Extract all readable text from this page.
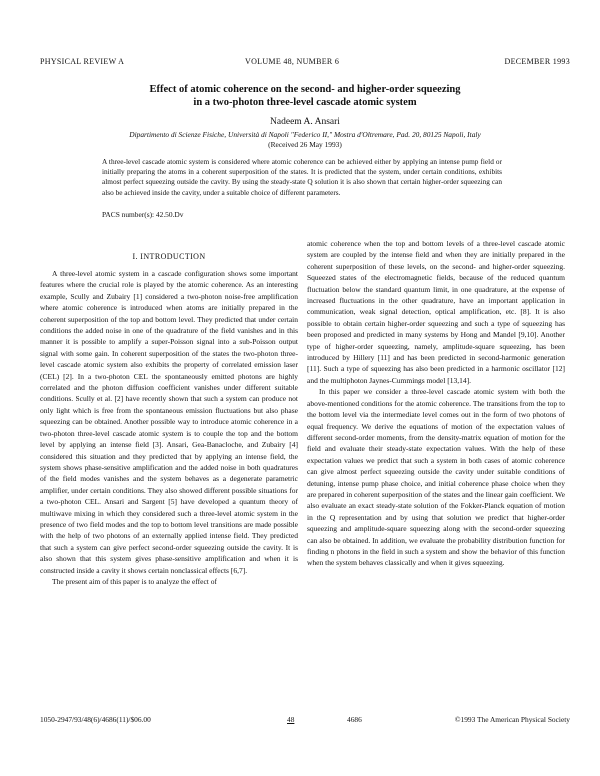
PHYSICAL REVIEW A	VOLUME 48, NUMBER 6	DECEMBER 1993
Effect of atomic coherence on the second- and higher-order squeezing
in a two-photon three-level cascade atomic system
Nadeem A. Ansari
Dipartimento di Scienze Fisiche, Università di Napoli "Federico II," Mostra d'Oltremare, Pad. 20, 80125 Napoli, Italy
(Received 26 May 1993)
A three-level cascade atomic system is considered where atomic coherence can be achieved either by applying an intense pump field or initially preparing the atoms in a coherent superposition of the states. It is predicted that the system, under certain conditions, exhibits almost perfect squeezing outside the cavity. By using the steady-state Q solution it is also shown that certain higher-order squeezing can also be achieved inside the cavity, under a suitable choice of different parameters.
PACS number(s): 42.50.Dv
I. INTRODUCTION

A three-level atomic system in a cascade configuration shows some important features where the crucial role is played by the atomic coherence. As an interesting example, Scully and Zubairy [1] considered a two-photon noise-free amplification where atomic coherence is introduced when atoms are initially prepared in the coherent superposition of the top and bottom level. They predicted that under certain conditions the added noise in one of the quadrature of the field vanishes and in this manner it is possible to amplify a super-Poisson signal into a sub-Poisson output signal with some gain. In coherent superposition of the states the two-photon three-level cascade atomic system also exhibits the property of correlated emission laser (CEL) [2]. In a two-photon CEL the spontaneously emitted photons are highly correlated and the photon diffusion coefficient vanishes under different suitable conditions. Scully et al. [2] have recently shown that such a system can produce not only light which is free from the spontaneous emission fluctuations but also phase squeezing can be obtained. Another possible way to introduce atomic coherence in a two-photon three-level cascade atomic system is to couple the top and the bottom level by applying an intense field [3]. Ansari, Gea-Banacloche, and Zubairy [4] considered this situation and they predicted that by applying an intense field, the system shows phase-sensitive amplification and the added noise in both quadratures of the field modes vanishes and the system behaves as a degenerate parametric amplifier, under certain conditions. They also showed different possible situations for a two-photon CEL. Ansari and Sargent [5] have developed a quantum theory of multiwave mixing in which they considered such a three-level atomic system in the presence of two field modes and the top to bottom level transitions are made possible with the help of two photons of an externally applied intense field. They predicted that such a system can give perfect second-order squeezing outside the cavity. It is also shown that this system gives phase-sensitive amplification and when it is constructed inside a cavity it shows certain nonclassical effects [6,7].

The present aim of this paper is to analyze the effect of

atomic coherence when the top and bottom levels of a three-level cascade atomic system are coupled by the intense field and when they are initially prepared in the coherent superposition of these levels, on the second- and higher-order squeezing. Squeezed states of the electromagnetic fields, because of the reduced quantum fluctuation below the standard quantum limit, in one quadrature, at the expense of increased fluctuations in the other quadrature, have an important application in communication, weak signal detection, optical amplification, etc. [8]. It is also possible to obtain certain higher-order squeezing and such a type of squeezing has been proposed and predicted in many systems by Hong and Mandel [9,10]. Another type of higher-order squeezing, namely, amplitude-square squeezing, has been introduced by Hillery [11] and has been predicted in second-harmonic generation [11]. Such a type of squeezing has also been predicted in a harmonic oscillator [12] and the multiphoton Jaynes-Cummings model [13,14].

In this paper we consider a three-level cascade atomic system with both the above-mentioned conditions for the atomic coherence. The transitions from the top to the bottom level via the intermediate level comes out in the form of two photons of equal frequency. We derive the equations of motion of the expectation values of different second-order moments, from the density-matrix equation of motion for the field and evaluate their steady-state expectation values. With the help of these expectation values we predict that such a system in both cases of atomic coherence can give almost perfect squeezing outside the cavity under suitable conditions of detuning, intense pump phase choice, and initial coherence phase choice when they are prepared in coherent superposition of the states and the linear gain coefficient. We also evaluate an exact steady-state solution of the Fokker-Planck equation of motion in the Q representation and by using that solution we predict that higher-order squeezing and amplitude-square squeezing along with the second-order squeezing can also be obtained. In addition, we evaluate the probability distribution function for finding n photons in the field in such a system and show the behavior of this function when the system behaves classically and when it gives squeezing.

1050-2947/93/48(6)/4686(11)/$06.00	48	4686	©1993 The American Physical Society
